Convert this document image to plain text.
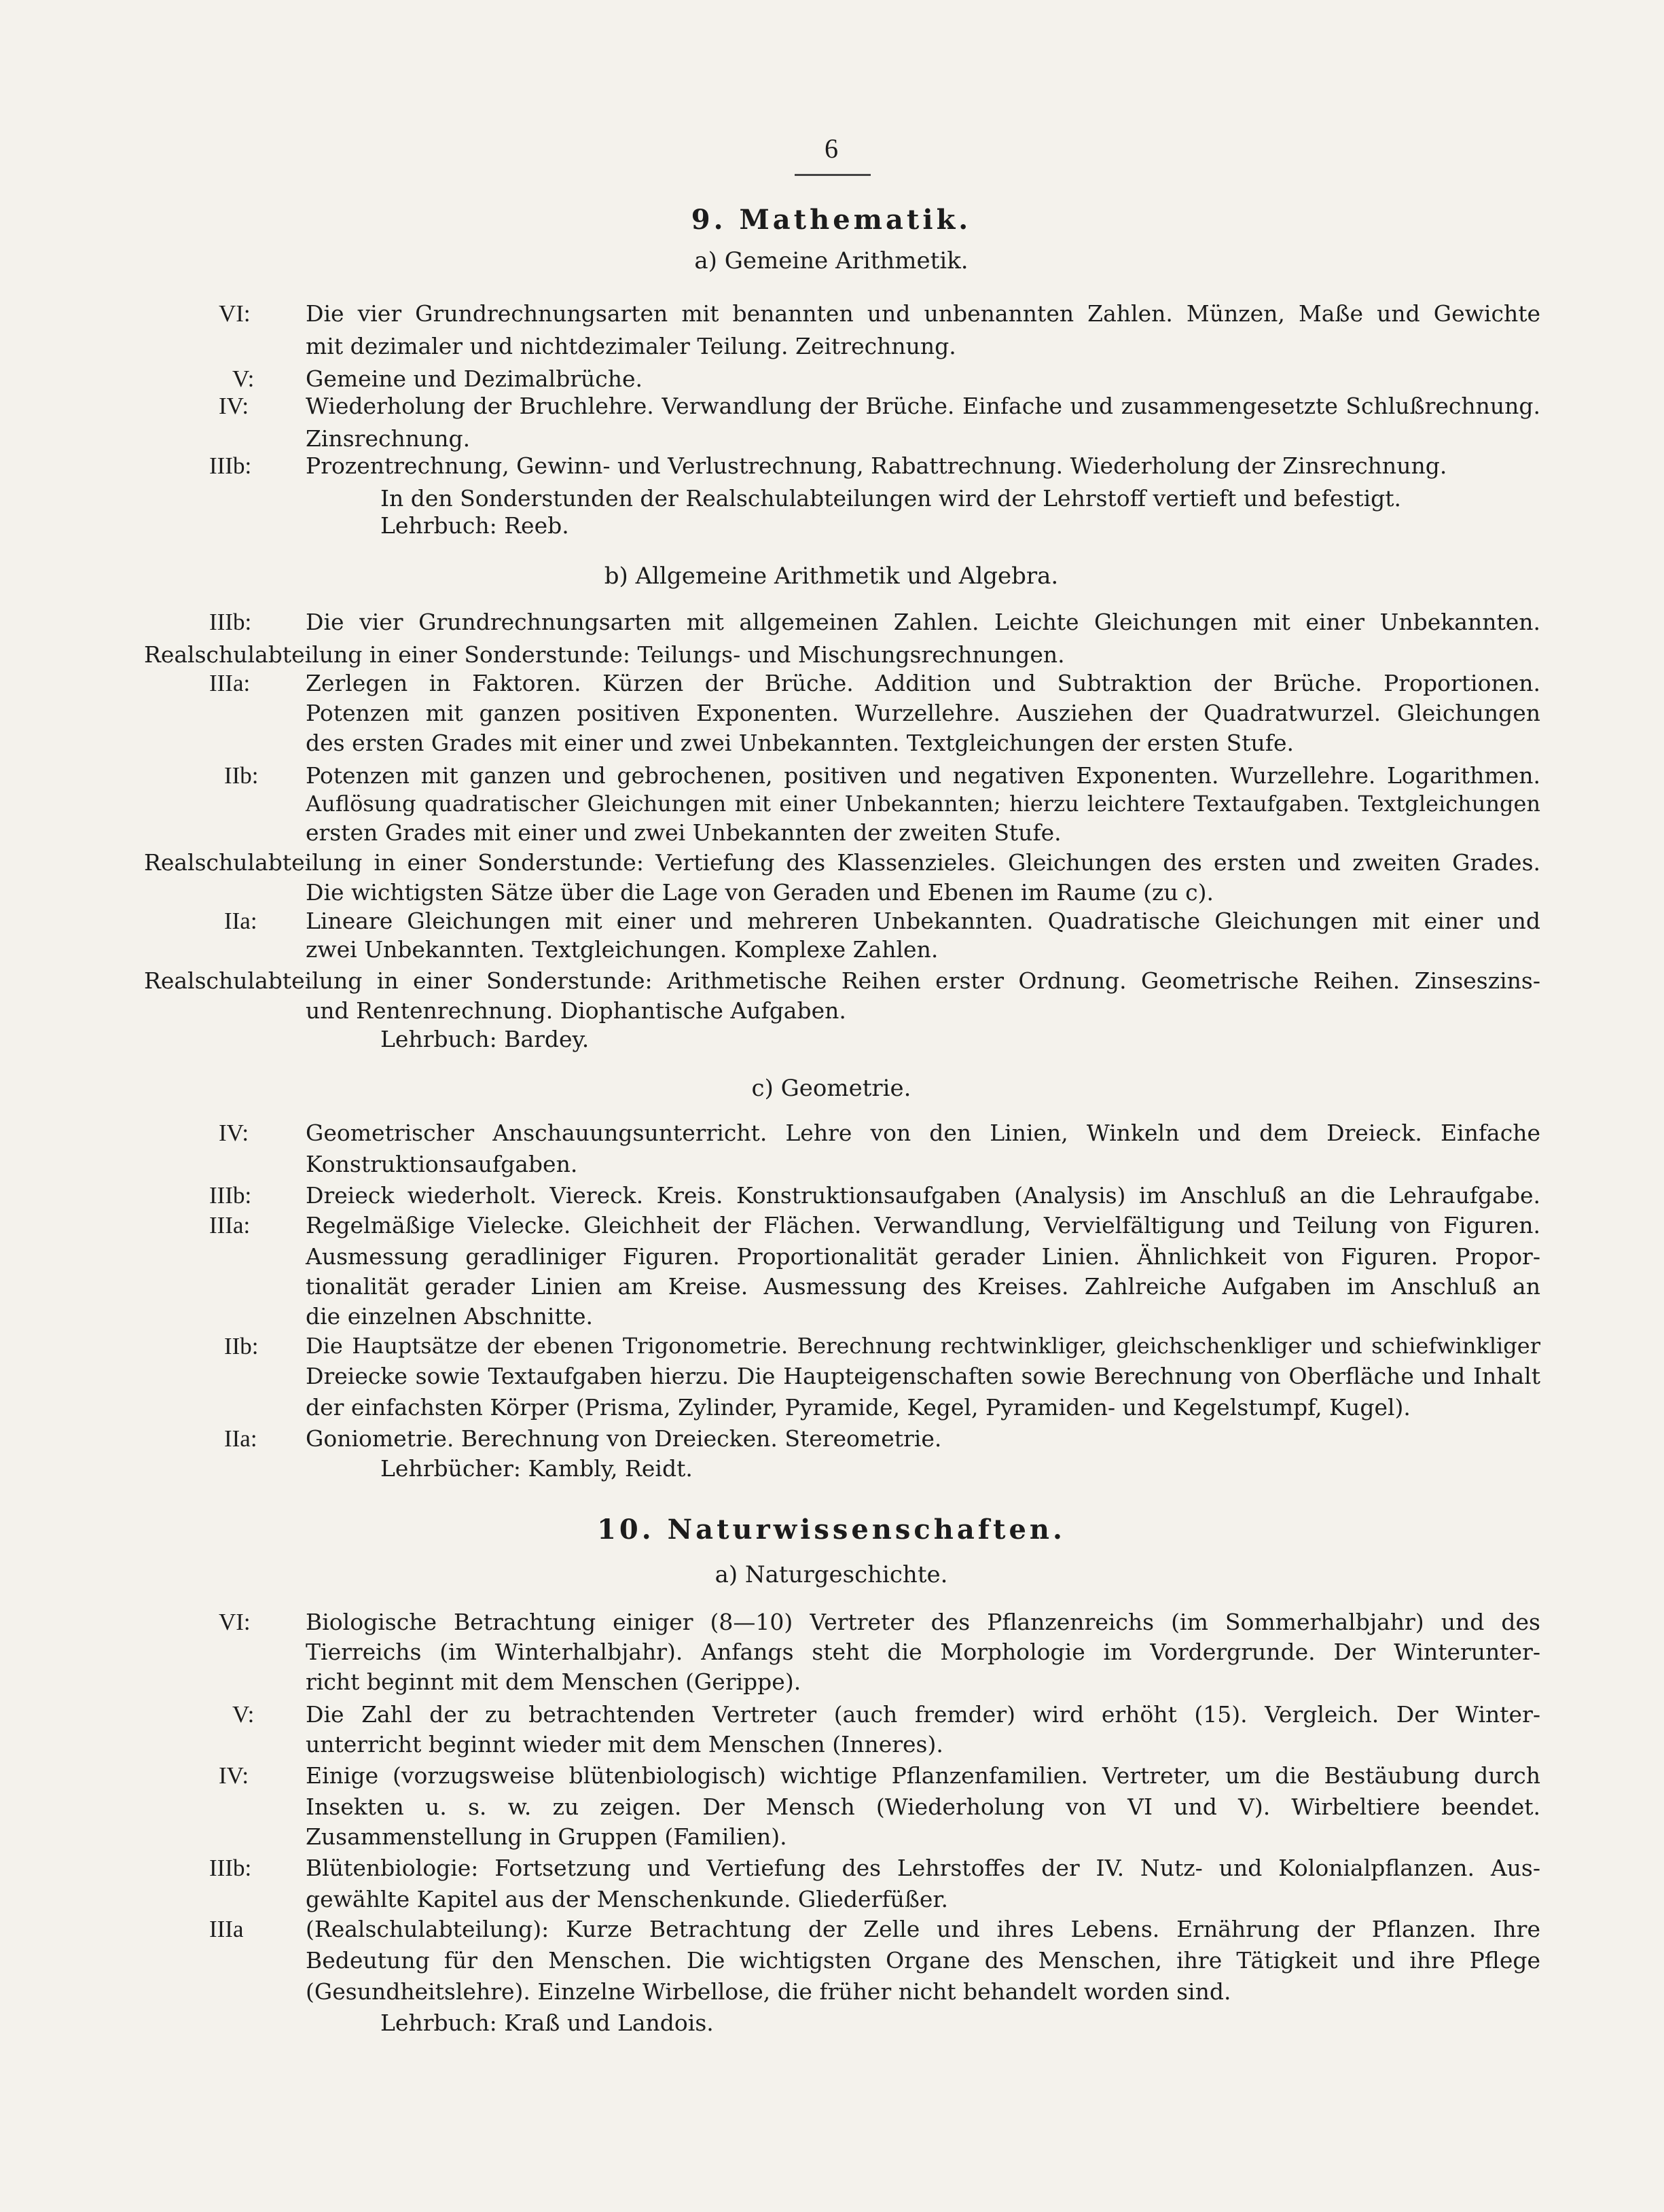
6
9. Mathematik.
a) Gemeine Arithmetik.
VI: Die vier Grundrechnungsarten mit benannten und unbenannten Zahlen. Münzen, Maße und Gewichte
mit dezimaler und nichtdezimaler Teilung. Zeitrechnung.
V: Gemeine und Dezimalbrüche.
IV:	Wiederholung der Bruchlehre. Verwandlung der Brüche. Einfache und zusammengesetzte Schlußrechnung.
Zinsrechnung.
IIIb: Prozentrechnung, Gewinn- und Verlustrechnung, Rabattrechnung. Wiederholung der Zinsrechnung.
In den Sonderstunden der Realschulabteilungen wird der Lehrstoff vertieft und befestigt.
Lehrbuch: Reeb.
b) Allgemeine Arithmetik und Algebra.
IIIb: Die vier Grundrechnungsarten mit allgemeinen Zahlen. Leichte Gleichungen mit einer Unbekannten.
Realschulabteilung in einer Sonderstunde: Teilungs- und Mischungsrechnungen.
IIIa: Zerlegen in Faktoren. Kürzen der Brüche. Addition und Subtraktion der Brüche. Proportionen.
Potenzen mit ganzen positiven Exponenten. Wurzellehre. Ausziehen der Quadratwurzel. Gleichungen
des ersten Grades mit einer und zwei Unbekannten. Textgleichungen der ersten Stufe.
IIb: Potenzen mit ganzen und gebrochenen, positiven und negativen Exponenten. Wurzellehre. Logarithmen.
Auflösung quadratischer Gleichungen mit einer Unbekannten; hierzu leichtere Textaufgaben. Textgleichungen
ersten Grades mit einer und zwei Unbekannten der zweiten Stufe.
Realschulabteilung in einer Sonderstunde: Vertiefung des Klassenzieles. Gleichungen des ersten und zweiten Grades.
Die wichtigsten Sätze über die Lage von Geraden und Ebenen im Raume (zu c).
IIa: Lineare Gleichungen mit einer und mehreren Unbekannten. Quadratische Gleichungen mit einer und
zwei Unbekannten. Textgleichungen. Komplexe Zahlen.
Realschulabteilung in einer Sonderstunde: Arithmetische Reihen erster Ordnung. Geometrische Reihen. Zinseszins-
und Rentenrechnung. Diophantische Aufgaben.
Lehrbuch: Bardey.
c) Geometrie.
IV:	Geometrischer Anschauungsunterricht. Lehre von den Linien, Winkeln und dem Dreieck. Einfache
Konstruktionsaufgaben.
IIIb: Dreieck wiederholt. Viereck. Kreis. Konstruktionsaufgaben (Analysis) im Anschluß an die Lehraufgabe.
IIIa: Regelmäßige Vielecke. Gleichheit der Flächen. Verwandlung, Vervielfältigung und Teilung von Figuren.
Ausmessung geradliniger Figuren. Proportionalität gerader Linien. Ähnlichkeit von Figuren. Propor-
tionalität gerader Linien am Kreise. Ausmessung des Kreises. Zahlreiche Aufgaben im Anschluß an
die einzelnen Abschnitte.
IIb: Die Hauptsätze der ebenen Trigonometrie. Berechnung rechtwinkliger, gleichschenkliger und schiefwinkliger
Dreiecke sowie Textaufgaben hierzu. Die Haupteigenschaften sowie Berechnung von Oberfläche und Inhalt
der einfachsten Körper (Prisma, Zylinder, Pyramide, Kegel, Pyramiden- und Kegelstumpf, Kugel).
IIa: Goniometrie. Berechnung von Dreiecken. Stereometrie.
Lehrbücher: Kambly, Reidt.
10. Naturwissenschaften.
a) Naturgeschichte.
VI: Biologische Betrachtung einiger (8—10) Vertreter des Pflanzenreichs (im Sommerhalbjahr) und des
Tierreichs (im Winterhalbjahr). Anfangs steht die Morphologie im Vordergrunde. Der Winterunter-
richt beginnt mit dem Menschen (Gerippe).
V: Die Zahl der zu betrachtenden Vertreter (auch fremder) wird erhöht (15). Vergleich. Der Winter-
unterricht beginnt wieder mit dem Menschen (Inneres).
IV:	Einige (vorzugsweise blütenbiologisch) wichtige Pflanzenfamilien. Vertreter, um die Bestäubung durch
Insekten u. s. w. zu zeigen. Der Mensch (Wiederholung von VI und V). Wirbeltiere beendet.
Zusammenstellung in Gruppen (Familien).
IIIb: Blütenbiologie: Fortsetzung und Vertiefung des Lehrstoffes der IV. Nutz- und Kolonialpflanzen. Aus-
gewählte Kapitel aus der Menschenkunde. Gliederfüßer.
IIIa	(Realschulabteilung): Kurze Betrachtung der Zelle und ihres Lebens. Ernährung der Pflanzen. Ihre
Bedeutung für den Menschen. Die wichtigsten Organe des Menschen, ihre Tätigkeit und ihre Pflege
(Gesundheitslehre). Einzelne Wirbellose, die früher nicht behandelt worden sind.
Lehrbuch: Kraß und Landois.
